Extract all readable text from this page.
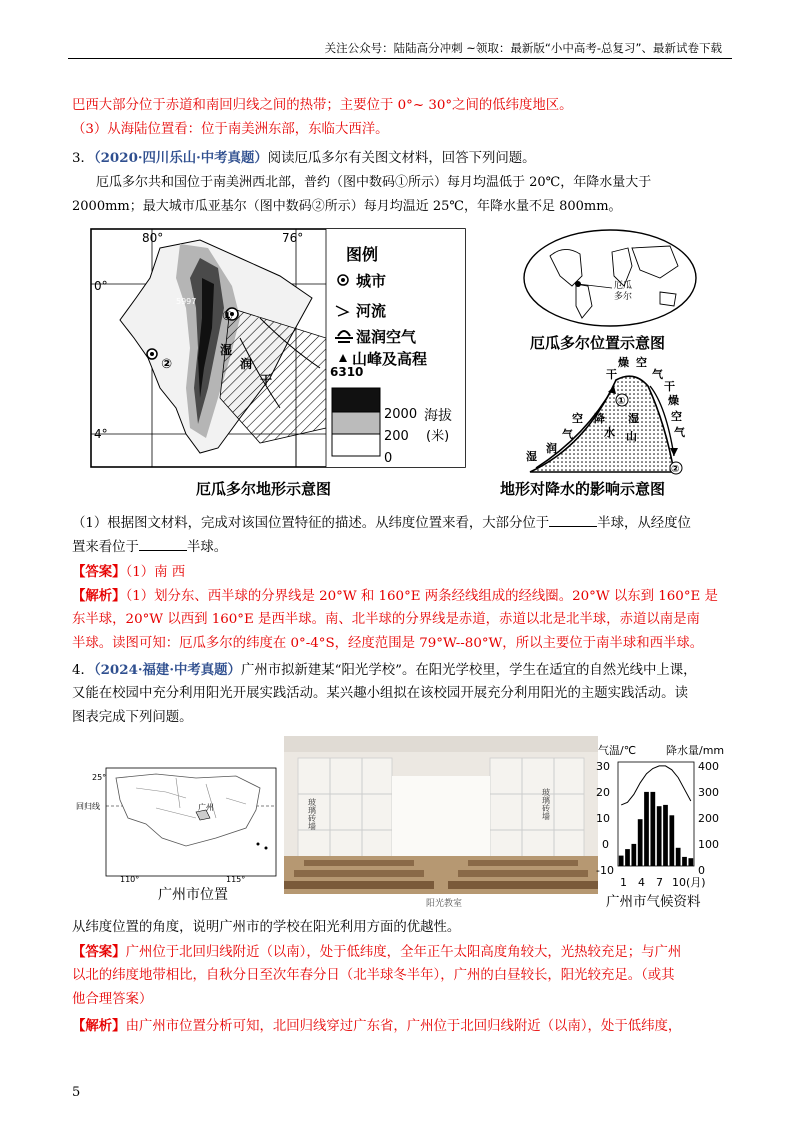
关注公众号：陆陆高分冲刺 ~领取：最新版“小中高考-总复习”、最新试卷下载
巴西大部分位于赤道和南回归线之间的热带；主要位于 0°~ 30°之间的低纬度地区。
（3）从海陆位置看：位于南美洲东部，东临大西洋。
3．（2020·四川乐山·中考真题）阅读厄瓜多尔有关图文材料，回答下列问题。
厄瓜多尔共和国位于南美洲西北部，普约（图中数码①所示）每月均温低于 20℃，年降水量大于
2000mm；最大城市瓜亚基尔（图中数码②所示）每月均温近 25℃，年降水量不足 800mm。
80°	76°
0°
4°
5997
①
②
湿
润
干
图例
城市
河流
湿润空气
山峰及高程
6310
2000
200
0
海拔
(米)
厄瓜多尔地形示意图
厄瓜
多尔
厄瓜多尔位置示意图
燥 空
干	气
干
燥
空
气
空 降
气	水
润
湿
湿
山
①
②
地形对降水的影响示意图
（1）根据图文材料，完成对该国位置特征的描述。从纬度位置来看，大部分位于	半球，从经度位
置来看位于	半球。
【答案】（1）南 西
【解析】（1）划分东、西半球的分界线是 20°W 和 160°E 两条经线组成的经线圈。20°W 以东到 160°E 是
东半球，20°W 以西到 160°E 是西半球。南、北半球的分界线是赤道，赤道以北是北半球，赤道以南是南
半球。读图可知：厄瓜多尔的纬度在 0°-4°S，经度范围是 79°W--80°W，所以主要位于南半球和西半球。
4．（2024·福建·中考真题）广州市拟新建某“阳光学校”。在阳光学校里，学生在适宜的自然光线中上课，
又能在校园中充分利用阳光开展实践活动。某兴趣小组拟在该校园开展充分利用阳光的主题实践活动。读
图表完成下列问题。
25°
回归线	广州
110°	115°
广州市位置
玻璃砖墙	玻璃砖墙
阳光教室
气温/℃	降水量/mm
30
20
10
0
-10
400
300
200
100
0
1 4 7 10(月)
广州市气候资料
从纬度位置的角度，说明广州市的学校在阳光利用方面的优越性。
【答案】广州位于北回归线附近（以南），处于低纬度，全年正午太阳高度角较大，光热较充足；与广州
以北的纬度地带相比，自秋分日至次年春分日（北半球冬半年），广州的白昼较长，阳光较充足。（或其
他合理答案）
【解析】由广州市位置分析可知，北回归线穿过广东省，广州位于北回归线附近（以南），处于低纬度，
5
